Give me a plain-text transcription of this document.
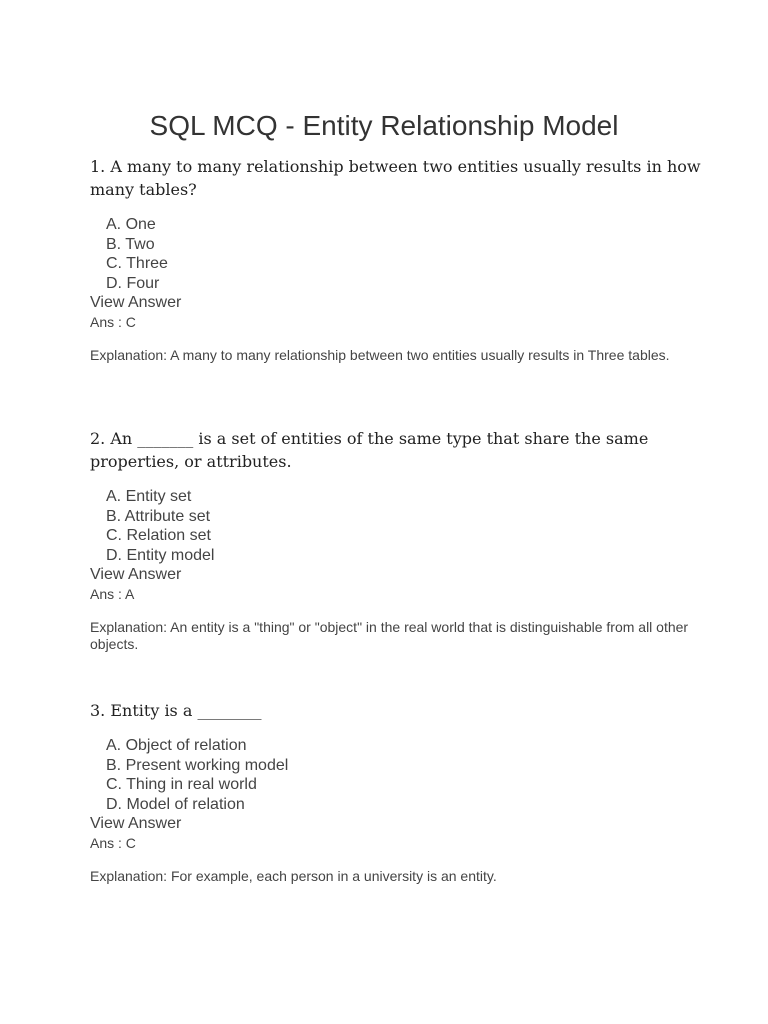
SQL MCQ - Entity Relationship Model

1. A many to many relationship between two entities usually results in how many tables?

A. One
B. Two
C. Three
D. Four
View Answer
Ans : C

Explanation: A many to many relationship between two entities usually results in Three tables.

2. An _______ is a set of entities of the same type that share the same properties, or attributes.

A. Entity set
B. Attribute set
C. Relation set
D. Entity model
View Answer
Ans : A

Explanation: An entity is a "thing" or "object" in the real world that is distinguishable from all other objects.

3. Entity is a ________

A. Object of relation
B. Present working model
C. Thing in real world
D. Model of relation
View Answer
Ans : C

Explanation: For example, each person in a university is an entity.
